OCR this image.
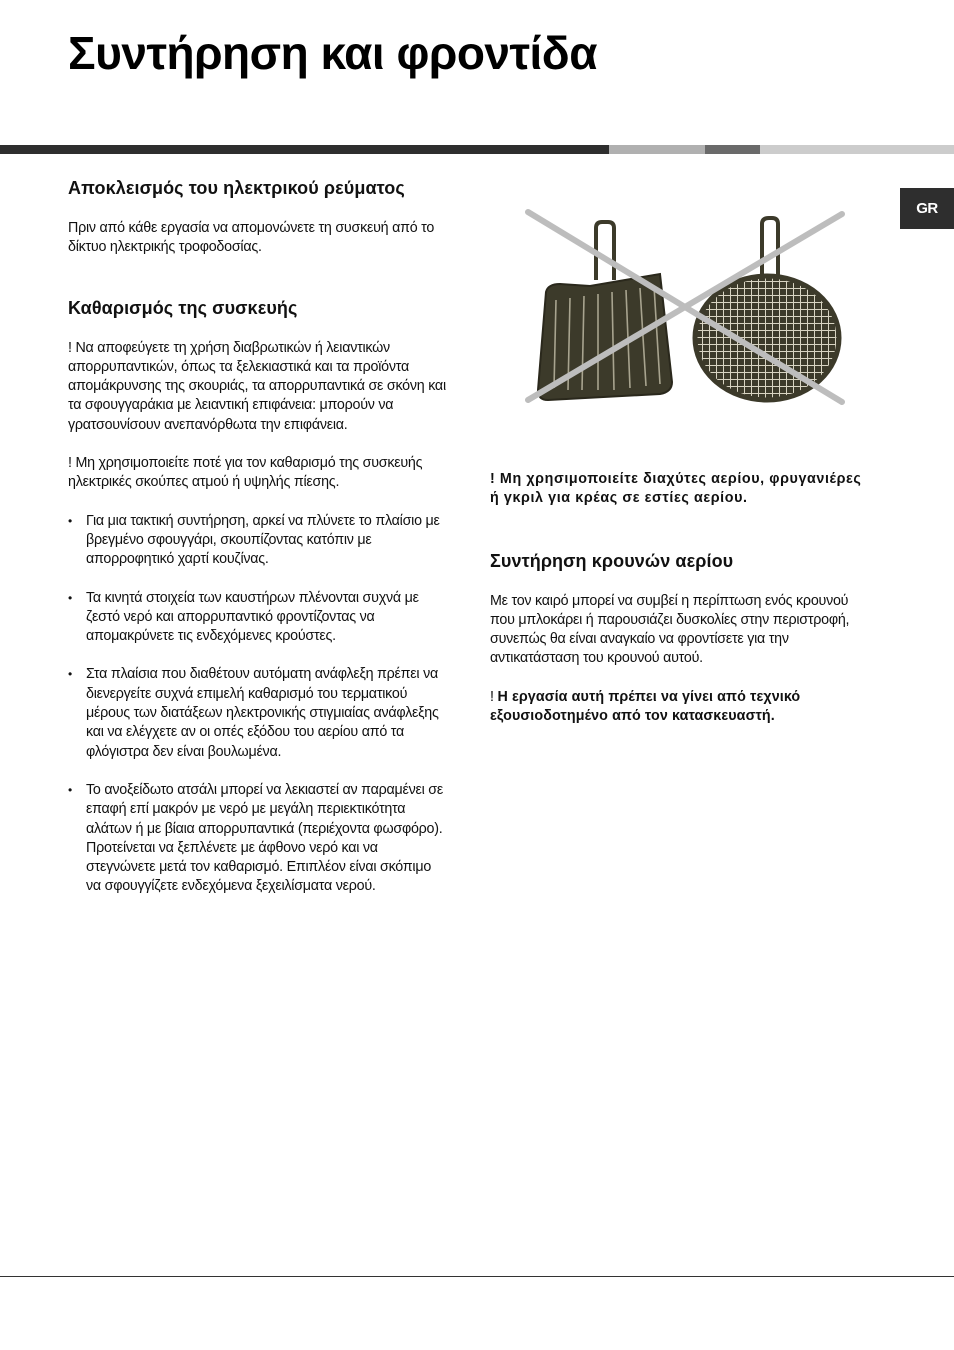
Συντήρηση και φροντίδα
GR
Αποκλεισμός του ηλεκτρικού ρεύματος

Πριν από κάθε εργασία να απομονώνετε τη συσκευή από το δίκτυο ηλεκτρικής τροφοδοσίας.

Καθαρισμός της συσκευής

! Να αποφεύγετε τη χρήση διαβρωτικών ή λειαντικών απορρυπαντικών, όπως τα ξελεκιαστικά και τα προϊόντα απομάκρυνσης της σκουριάς, τα απορρυπαντικά σε σκόνη και τα σφουγγαράκια με λειαντική επιφάνεια: μπορούν να γρατσουνίσουν ανεπανόρθωτα την επιφάνεια.

! Μη χρησιμοποιείτε ποτέ για τον καθαρισμό της συσκευής ηλεκτρικές σκούπες ατμού ή υψηλής πίεσης.

• Για μια τακτική συντήρηση, αρκεί να πλύνετε το πλαίσιο με βρεγμένο σφουγγάρι, σκουπίζοντας κατόπιν με απορροφητικό χαρτί κουζίνας.
• Τα κινητά στοιχεία των καυστήρων πλένονται συχνά με ζεστό νερό και απορρυπαντικό φροντίζοντας να απομακρύνετε τις ενδεχόμενες κρούστες.
• Στα πλαίσια που διαθέτουν αυτόματη ανάφλεξη πρέπει να διενεργείτε συχνά επιμελή καθαρισμό του τερματικού μέρους των διατάξεων ηλεκτρονικής στιγμιαίας ανάφλεξης και να ελέγχετε αν οι οπές εξόδου του αερίου από τα φλόγιστρα δεν είναι βουλωμένα.
• Το ανοξείδωτο ατσάλι μπορεί να λεκιαστεί αν παραμένει σε επαφή επί μακρόν με νερό με μεγάλη περιεκτικότητα αλάτων ή με βίαια απορρυπαντικά (περιέχοντα φωσφόρο). Προτείνεται να ξεπλένετε με άφθονο νερό και να στεγνώνετε μετά τον καθαρισμό. Επιπλέον είναι σκόπιμο να σφουγγίζετε ενδεχόμενα ξεχειλίσματα νερού.

! Μη χρησιμοποιείτε διαχύτες αερίου, φρυγανιέρες ή γκριλ για κρέας σε εστίες αερίου.

Συντήρηση κρουνών αερίου

Με τον καιρό μπορεί να συμβεί η περίπτωση ενός κρουνού που μπλοκάρει ή παρουσιάζει δυσκολίες στην περιστροφή, συνεπώς θα είναι αναγκαίο να φροντίσετε για την αντικατάσταση του κρουνού αυτού.

! Η εργασία αυτή πρέπει να γίνει από τεχνικό εξουσιοδοτημένο από τον κατασκευαστή.
